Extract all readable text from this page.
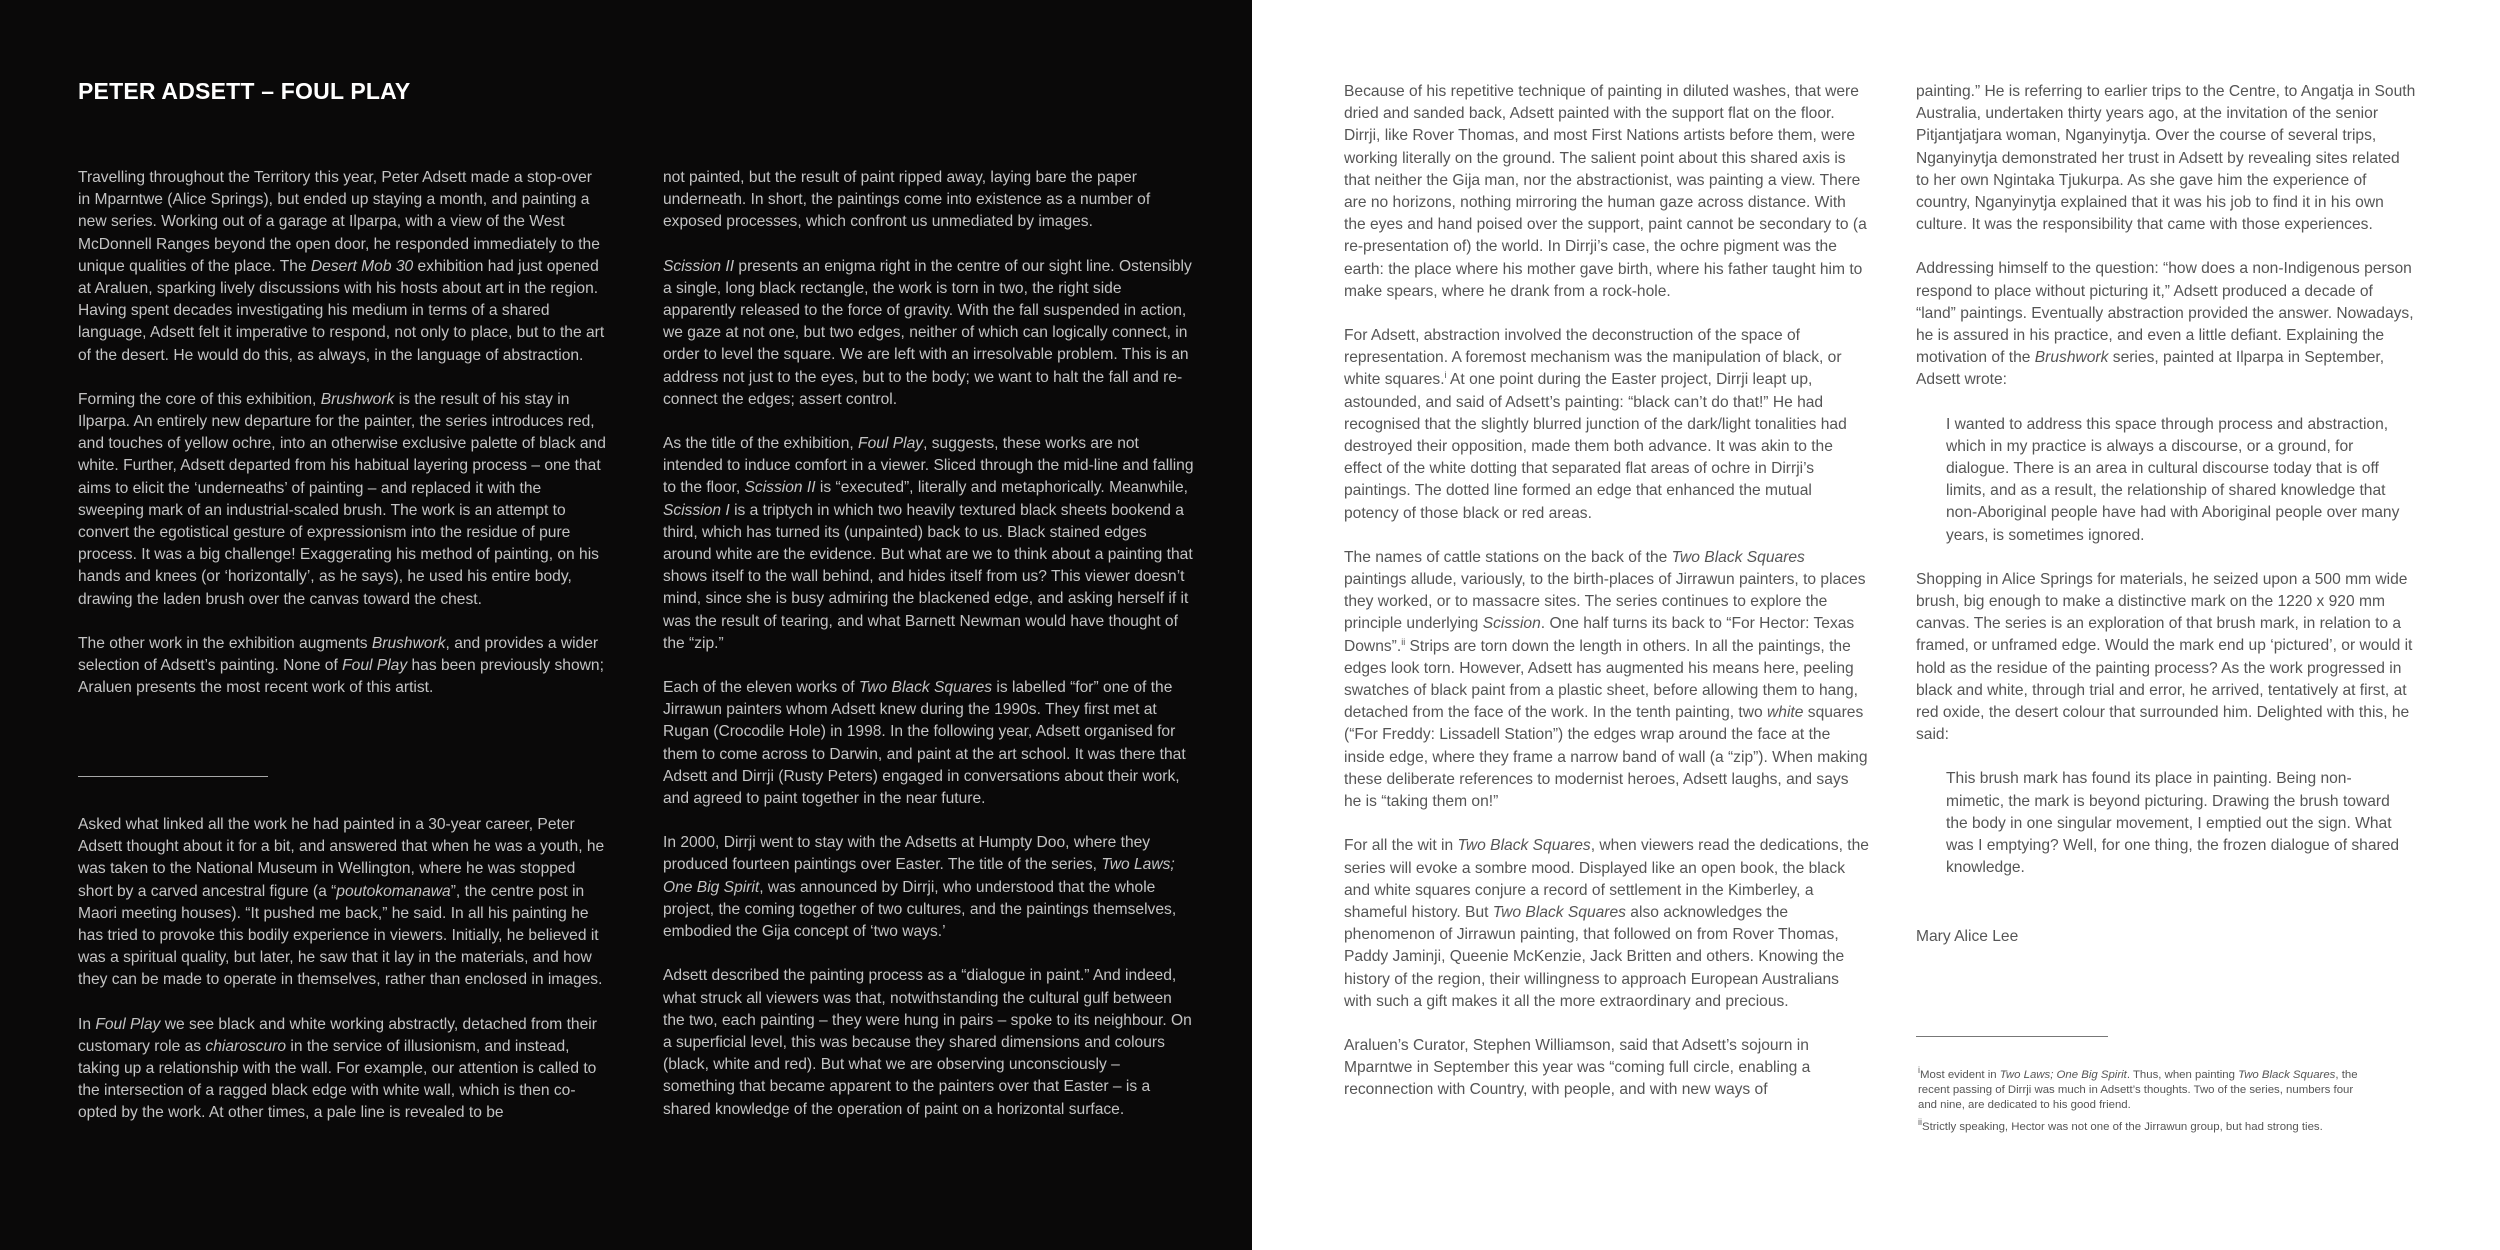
PETER ADSETT – FOUL PLAY

Travelling throughout the Territory this year, Peter Adsett made a stop-over in Mparntwe (Alice Springs), but ended up staying a month, and painting a new series. Working out of a garage at Ilparpa, with a view of the West McDonnell Ranges beyond the open door, he responded immediately to the unique qualities of the place. The Desert Mob 30 exhibition had just opened at Araluen, sparking lively discussions with his hosts about art in the region. Having spent decades investigating his medium in terms of a shared language, Adsett felt it imperative to respond, not only to place, but to the art of the desert. He would do this, as always, in the language of abstraction.

Forming the core of this exhibition, Brushwork is the result of his stay in Ilparpa. An entirely new departure for the painter, the series introduces red, and touches of yellow ochre, into an otherwise exclusive palette of black and white. Further, Adsett departed from his habitual layering process – one that aims to elicit the ‘underneaths’ of painting – and replaced it with the sweeping mark of an industrial-scaled brush. The work is an attempt to convert the egotistical gesture of expressionism into the residue of pure process. It was a big challenge! Exaggerating his method of painting, on his hands and knees (or ‘horizontally’, as he says), he used his entire body, drawing the laden brush over the canvas toward the chest.

The other work in the exhibition augments Brushwork, and provides a wider selection of Adsett’s painting. None of Foul Play has been previously shown; Araluen presents the most recent work of this artist.

Asked what linked all the work he had painted in a 30-year career, Peter Adsett thought about it for a bit, and answered that when he was a youth, he was taken to the National Museum in Wellington, where he was stopped short by a carved ancestral figure (a “poutokomanawa”, the centre post in Maori meeting houses). “It pushed me back,” he said. In all his painting he has tried to provoke this bodily experience in viewers. Initially, he believed it was a spiritual quality, but later, he saw that it lay in the materials, and how they can be made to operate in themselves, rather than enclosed in images.

In Foul Play we see black and white working abstractly, detached from their customary role as chiaroscuro in the service of illusionism, and instead, taking up a relationship with the wall. For example, our attention is called to the intersection of a ragged black edge with white wall, which is then co-opted by the work. At other times, a pale line is revealed to be

not painted, but the result of paint ripped away, laying bare the paper underneath. In short, the paintings come into existence as a number of exposed processes, which confront us unmediated by images.

Scission II presents an enigma right in the centre of our sight line. Ostensibly a single, long black rectangle, the work is torn in two, the right side apparently released to the force of gravity. With the fall suspended in action, we gaze at not one, but two edges, neither of which can logically connect, in order to level the square. We are left with an irresolvable problem. This is an address not just to the eyes, but to the body; we want to halt the fall and re-connect the edges; assert control.

As the title of the exhibition, Foul Play, suggests, these works are not intended to induce comfort in a viewer. Sliced through the mid-line and falling to the floor, Scission II is “executed”, literally and metaphorically. Meanwhile, Scission I is a triptych in which two heavily textured black sheets bookend a third, which has turned its (unpainted) back to us. Black stained edges around white are the evidence. But what are we to think about a painting that shows itself to the wall behind, and hides itself from us? This viewer doesn’t mind, since she is busy admiring the blackened edge, and asking herself if it was the result of tearing, and what Barnett Newman would have thought of the “zip.”

Each of the eleven works of Two Black Squares is labelled “for” one of the Jirrawun painters whom Adsett knew during the 1990s. They first met at Rugan (Crocodile Hole) in 1998. In the following year, Adsett organised for them to come across to Darwin, and paint at the art school. It was there that Adsett and Dirrji (Rusty Peters) engaged in conversations about their work, and agreed to paint together in the near future.

In 2000, Dirrji went to stay with the Adsetts at Humpty Doo, where they produced fourteen paintings over Easter. The title of the series, Two Laws; One Big Spirit, was announced by Dirrji, who understood that the whole project, the coming together of two cultures, and the paintings themselves, embodied the Gija concept of ‘two ways.’

Adsett described the painting process as a “dialogue in paint.” And indeed, what struck all viewers was that, notwithstanding the cultural gulf between the two, each painting – they were hung in pairs – spoke to its neighbour. On a superficial level, this was because they shared dimensions and colours (black, white and red). But what we are observing unconsciously – something that became apparent to the painters over that Easter – is a shared knowledge of the operation of paint on a horizontal surface.

Because of his repetitive technique of painting in diluted washes, that were dried and sanded back, Adsett painted with the support flat on the floor. Dirrji, like Rover Thomas, and most First Nations artists before them, were working literally on the ground. The salient point about this shared axis is that neither the Gija man, nor the abstractionist, was painting a view. There are no horizons, nothing mirroring the human gaze across distance. With the eyes and hand poised over the support, paint cannot be secondary to (a re-presentation of) the world. In Dirrji’s case, the ochre pigment was the earth: the place where his mother gave birth, where his father taught him to make spears, where he drank from a rock-hole.

For Adsett, abstraction involved the deconstruction of the space of representation. A foremost mechanism was the manipulation of black, or white squares.$^i$ At one point during the Easter project, Dirrji leapt up, astounded, and said of Adsett’s painting: “black can’t do that!” He had recognised that the slightly blurred junction of the dark/light tonalities had destroyed their opposition, made them both advance. It was akin to the effect of the white dotting that separated flat areas of ochre in Dirrji’s paintings. The dotted line formed an edge that enhanced the mutual potency of those black or red areas.

The names of cattle stations on the back of the Two Black Squares paintings allude, variously, to the birth-places of Jirrawun painters, to places they worked, or to massacre sites. The series continues to explore the principle underlying Scission. One half turns its back to “For Hector: Texas Downs”.$^{ii}$ Strips are torn down the length in others. In all the paintings, the edges look torn. However, Adsett has augmented his means here, peeling swatches of black paint from a plastic sheet, before allowing them to hang, detached from the face of the work. In the tenth painting, two white squares (“For Freddy: Lissadell Station”) the edges wrap around the face at the inside edge, where they frame a narrow band of wall (a “zip”). When making these deliberate references to modernist heroes, Adsett laughs, and says he is “taking them on!”

For all the wit in Two Black Squares, when viewers read the dedications, the series will evoke a sombre mood. Displayed like an open book, the black and white squares conjure a record of settlement in the Kimberley, a shameful history. But Two Black Squares also acknowledges the phenomenon of Jirrawun painting, that followed on from Rover Thomas, Paddy Jaminji, Queenie McKenzie, Jack Britten and others. Knowing the history of the region, their willingness to approach European Australians with such a gift makes it all the more extraordinary and precious.

Araluen’s Curator, Stephen Williamson, said that Adsett’s sojourn in Mparntwe in September this year was “coming full circle, enabling a reconnection with Country, with people, and with new ways of

painting.” He is referring to earlier trips to the Centre, to Angatja in South Australia, undertaken thirty years ago, at the invitation of the senior Pitjantjatjara woman, Nganyinytja. Over the course of several trips, Nganyinytja demonstrated her trust in Adsett by revealing sites related to her own Ngintaka Tjukurpa. As she gave him the experience of country, Nganyinytja explained that it was his job to find it in his own culture. It was the responsibility that came with those experiences.

Addressing himself to the question: “how does a non-Indigenous person respond to place without picturing it,” Adsett produced a decade of “land” paintings. Eventually abstraction provided the answer. Nowadays, he is assured in his practice, and even a little defiant. Explaining the motivation of the Brushwork series, painted at Ilparpa in September, Adsett wrote:

I wanted to address this space through process and abstraction, which in my practice is always a discourse, or a ground, for dialogue. There is an area in cultural discourse today that is off limits, and as a result, the relationship of shared knowledge that non-Aboriginal people have had with Aboriginal people over many years, is sometimes ignored.

Shopping in Alice Springs for materials, he seized upon a 500 mm wide brush, big enough to make a distinctive mark on the 1220 x 920 mm canvas. The series is an exploration of that brush mark, in relation to a framed, or unframed edge. Would the mark end up ‘pictured’, or would it hold as the residue of the painting process? As the work progressed in black and white, through trial and error, he arrived, tentatively at first, at red oxide, the desert colour that surrounded him. Delighted with this, he said:

This brush mark has found its place in painting. Being non-mimetic, the mark is beyond picturing. Drawing the brush toward the body in one singular movement, I emptied out the sign. What was I emptying? Well, for one thing, the frozen dialogue of shared knowledge.

Mary Alice Lee

$^i$Most evident in Two Laws; One Big Spirit. Thus, when painting Two Black Squares, the recent passing of Dirrji was much in Adsett’s thoughts. Two of the series, numbers four and nine, are dedicated to his good friend.

$^{ii}$Strictly speaking, Hector was not one of the Jirrawun group, but had strong ties.
